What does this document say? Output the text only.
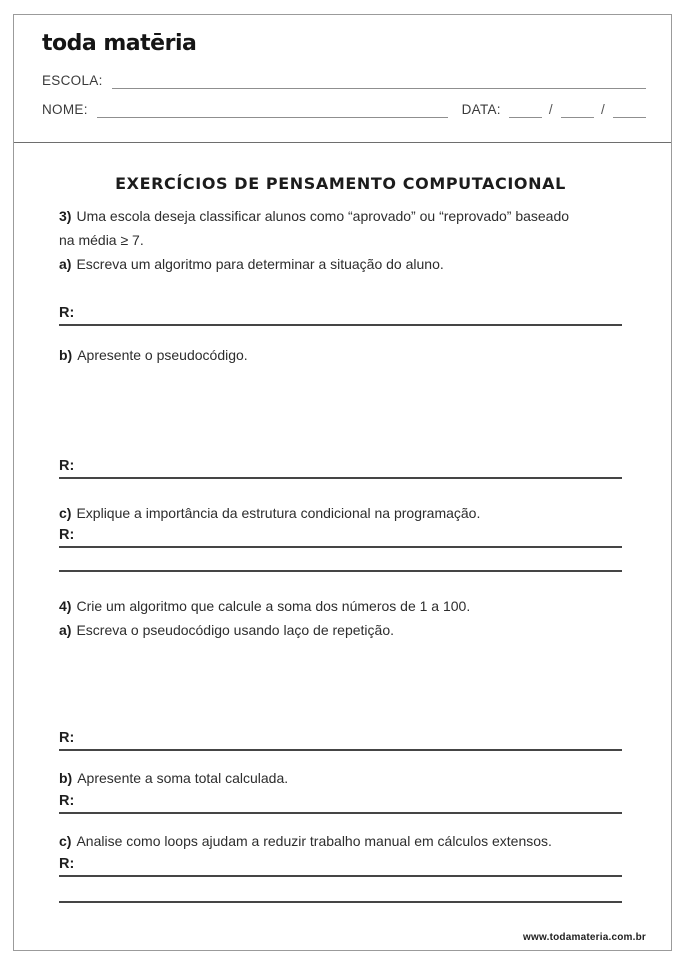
toda matēria
ESCOLA:
NOME:	DATA:	/	/
EXERCÍCIOS DE PENSAMENTO COMPUTACIONAL
3) Uma escola deseja classificar alunos como “aprovado” ou “reprovado” baseado
na média ≥ 7.
a) Escreva um algoritmo para determinar a situação do aluno.
R:
b) Apresente o pseudocódigo.
R:
c) Explique a importância da estrutura condicional na programação.
R:
4) Crie um algoritmo que calcule a soma dos números de 1 a 100.
a) Escreva o pseudocódigo usando laço de repetição.
R:
b) Apresente a soma total calculada.
R:
c) Analise como loops ajudam a reduzir trabalho manual em cálculos extensos.
R:
www.todamateria.com.br
